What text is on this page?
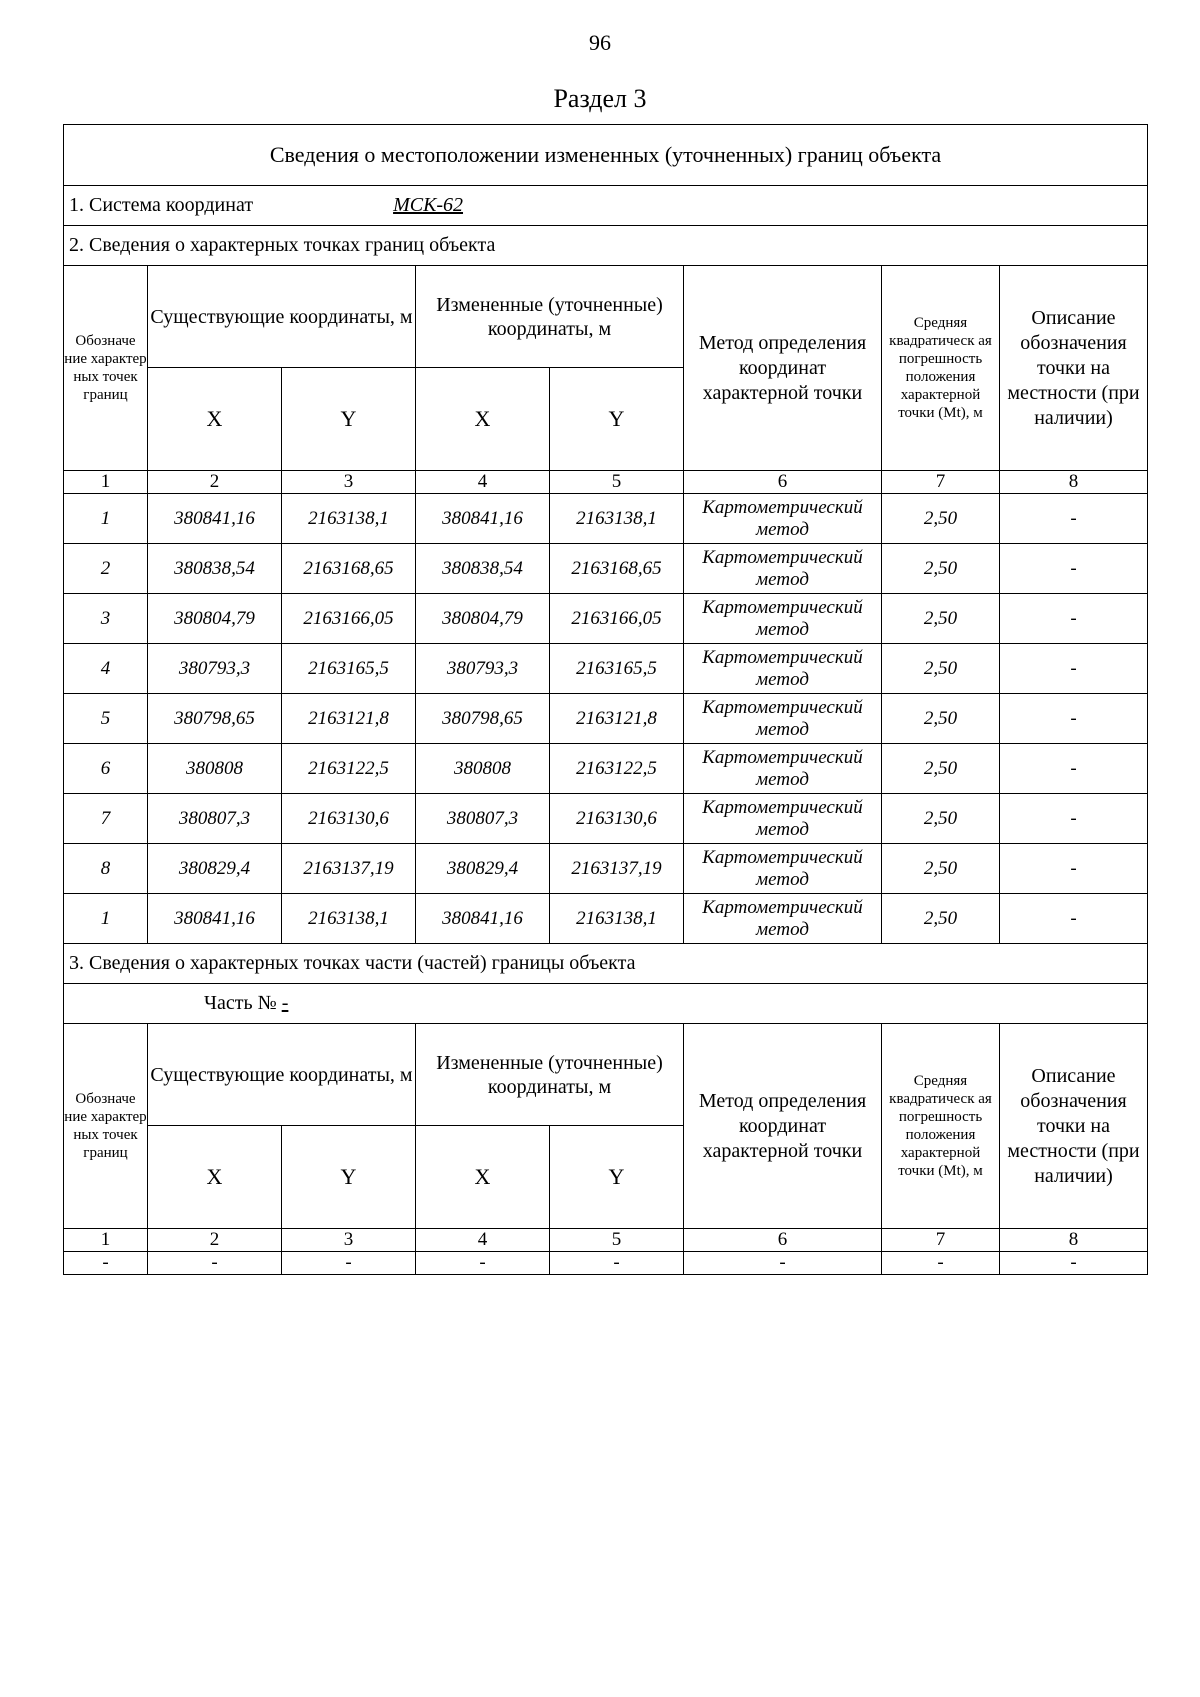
96
Раздел 3
Сведения о местоположении измененных (уточненных) границ объекта							
1. Система координат МСК-62							
2. Сведения о характерных точках границ объекта							
Обозначе ние характер ных точек границ	Существующие координаты, м		Измененные (уточненные) координаты, м		Метод определения координат характерной точки	Средняя квадратическ ая погрешность положения характерной точки (Mt), м	Описание обозначения точки на местности (при наличии)
	X	Y	X	Y			
1	2	3	4	5	6	7	8
1	380841,16	2163138,1	380841,16	2163138,1	Картометрический метод	2,50	-
2	380838,54	2163168,65	380838,54	2163168,65	Картометрический метод	2,50	-
3	380804,79	2163166,05	380804,79	2163166,05	Картометрический метод	2,50	-
4	380793,3	2163165,5	380793,3	2163165,5	Картометрический метод	2,50	-
5	380798,65	2163121,8	380798,65	2163121,8	Картометрический метод	2,50	-
6	380808	2163122,5	380808	2163122,5	Картометрический метод	2,50	-
7	380807,3	2163130,6	380807,3	2163130,6	Картометрический метод	2,50	-
8	380829,4	2163137,19	380829,4	2163137,19	Картометрический метод	2,50	-
1	380841,16	2163138,1	380841,16	2163138,1	Картометрический метод	2,50	-
3. Сведения о характерных точках части (частей) границы объекта							
Часть № -							
Обозначе ние характер ных точек границ	Существующие координаты, м		Измененные (уточненные) координаты, м		Метод определения координат характерной точки	Средняя квадратическ ая погрешность положения характерной точки (Mt), м	Описание обозначения точки на местности (при наличии)
	X	Y	X	Y			
1	2	3	4	5	6	7	8
-	-	-	-	-	-	-	-
